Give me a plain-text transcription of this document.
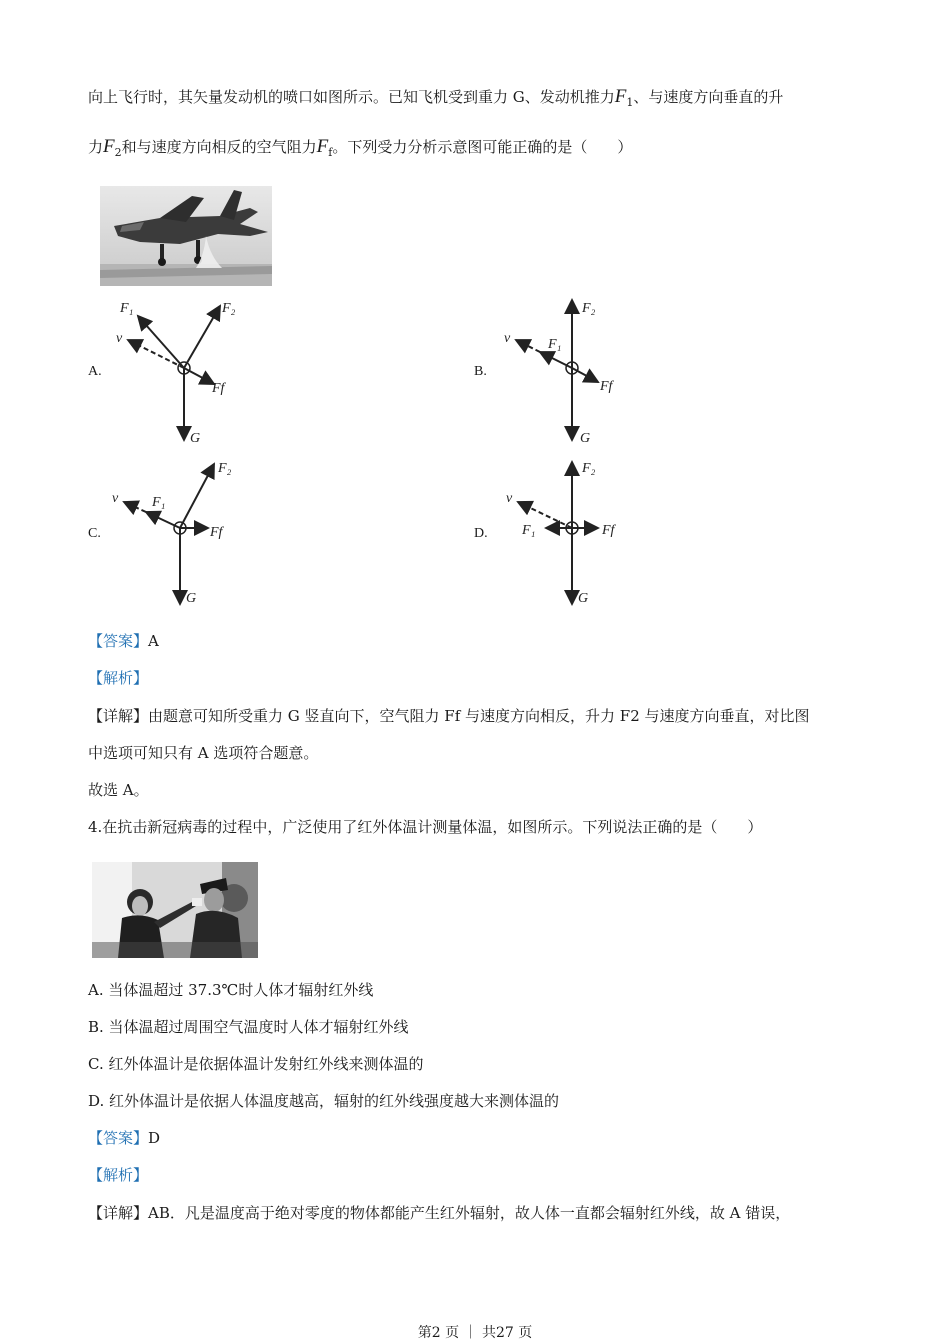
向上飞行时，其矢量发动机的喷口如图所示。已知飞机受到重力 G、发动机推力$F_1$、与速度方向垂直的升
力$F_2$和与速度方向相反的空气阻力$F_f$。下列受力分析示意图可能正确的是（　　）
A.	B.
C.	D.
F₁	F₂
Ff
G
v
F₂
F₁
Ff
G
v
F₂
F₁
Ff
G
v
F₂
F₁	Ff
G
v
【答案】A
【解析】
【详解】由题意可知所受重力 G 竖直向下，空气阻力 Ff 与速度方向相反，升力 F2 与速度方向垂直，对比图
中选项可知只有 A 选项符合题意。
故选 A。
4.在抗击新冠病毒的过程中，广泛使用了红外体温计测量体温，如图所示。下列说法正确的是（　　）
A. 当体温超过 37.3℃时人体才辐射红外线
B. 当体温超过周围空气温度时人体才辐射红外线
C. 红外体温计是依据体温计发射红外线来测体温的
D. 红外体温计是依据人体温度越高，辐射的红外线强度越大来测体温的
【答案】D
【解析】
【详解】AB．凡是温度高于绝对零度的物体都能产生红外辐射，故人体一直都会辐射红外线，故 A 错误，
第2 页 ｜ 共27 页
